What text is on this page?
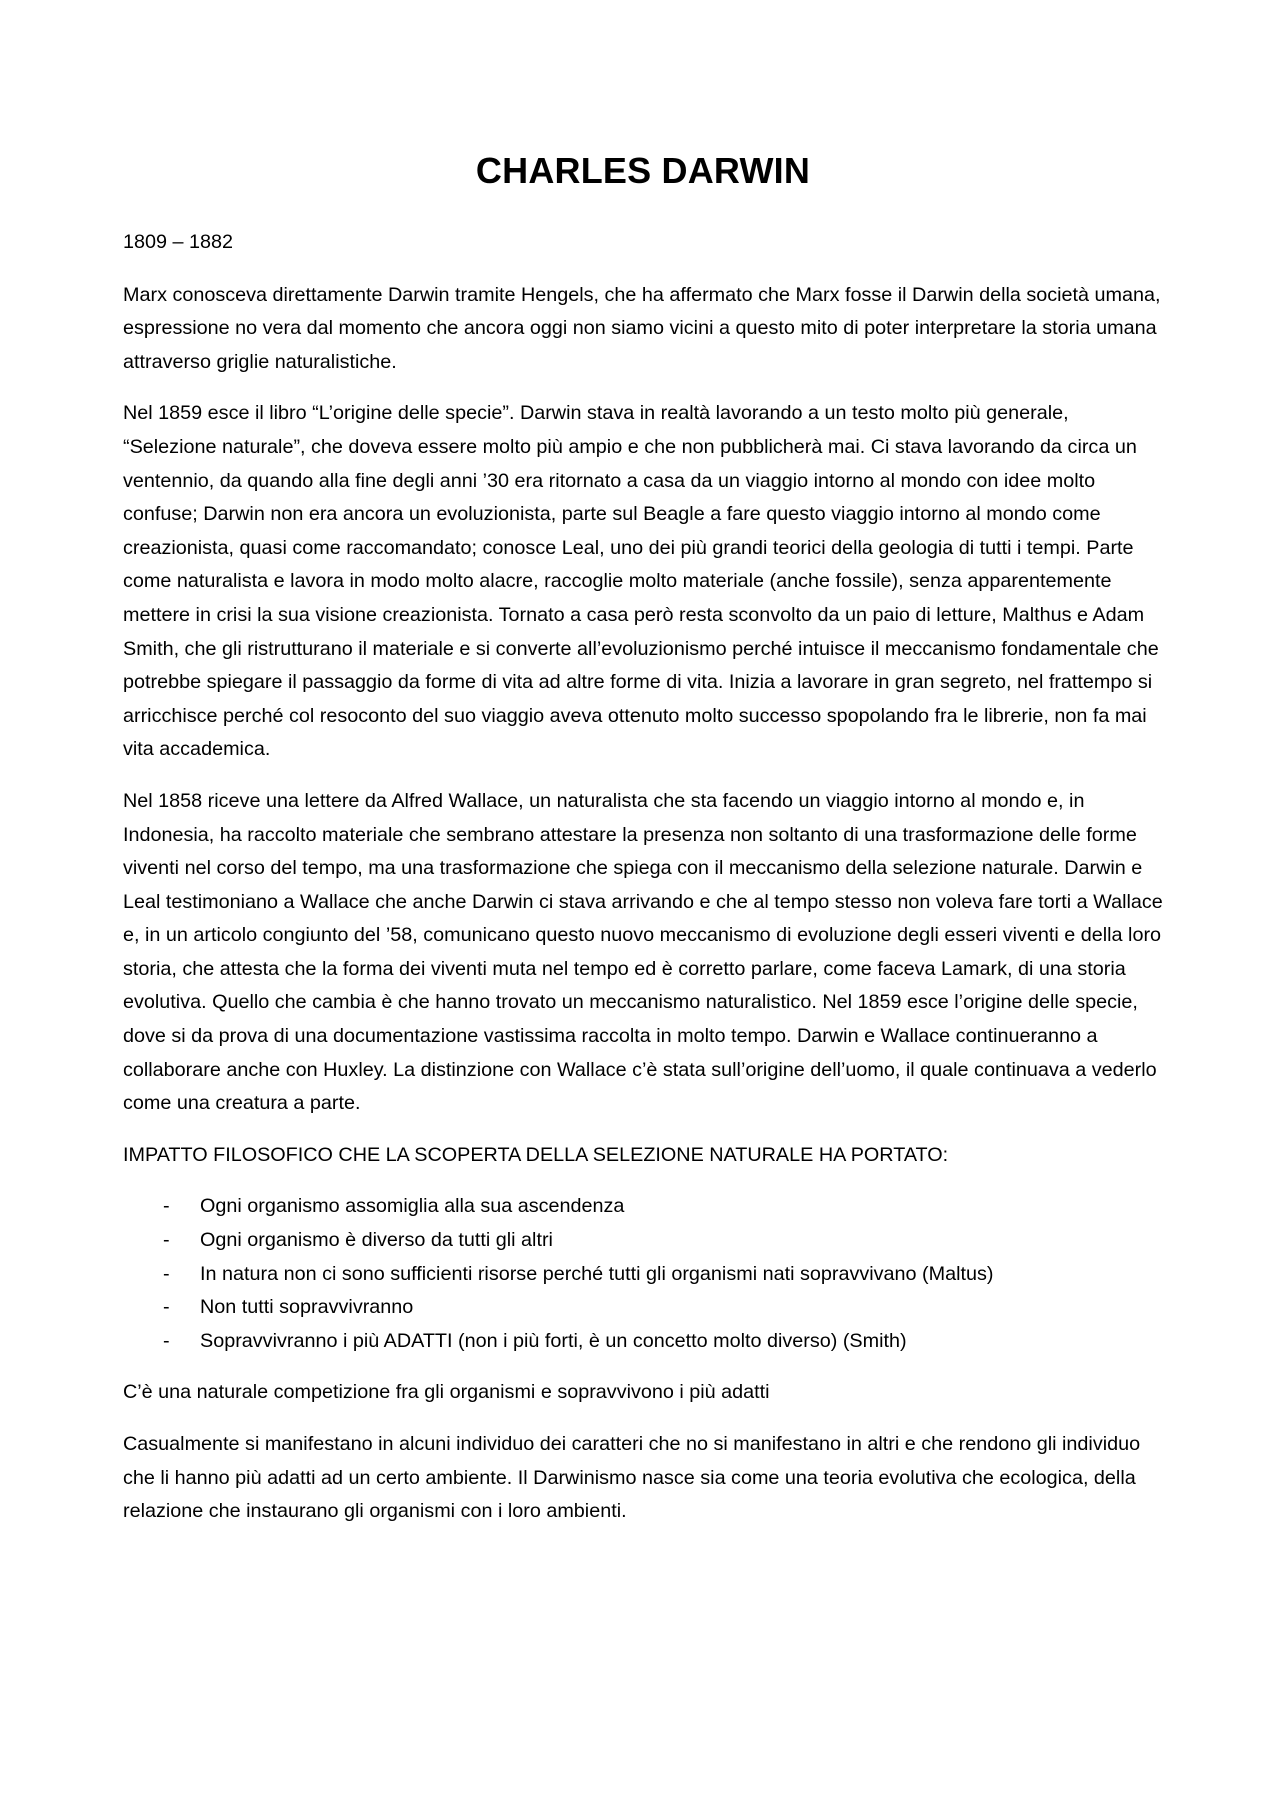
CHARLES DARWIN

1809 – 1882

Marx conosceva direttamente Darwin tramite Hengels, che ha affermato che Marx fosse il Darwin della società umana, espressione no vera dal momento che ancora oggi non siamo vicini a questo mito di poter interpretare la storia umana attraverso griglie naturalistiche.

Nel 1859 esce il libro “L’origine delle specie”. Darwin stava in realtà lavorando a un testo molto più generale, “Selezione naturale”, che doveva essere molto più ampio e che non pubblicherà mai. Ci stava lavorando da circa un ventennio, da quando alla fine degli anni ’30 era ritornato a casa da un viaggio intorno al mondo con idee molto confuse; Darwin non era ancora un evoluzionista, parte sul Beagle a fare questo viaggio intorno al mondo come creazionista, quasi come raccomandato; conosce Leal, uno dei più grandi teorici della geologia di tutti i tempi. Parte come naturalista e lavora in modo molto alacre, raccoglie molto materiale (anche fossile), senza apparentemente mettere in crisi la sua visione creazionista. Tornato a casa però resta sconvolto da un paio di letture, Malthus e Adam Smith, che gli ristrutturano il materiale e si converte all’evoluzionismo perché intuisce il meccanismo fondamentale che potrebbe spiegare il passaggio da forme di vita ad altre forme di vita. Inizia a lavorare in gran segreto, nel frattempo si arricchisce perché col resoconto del suo viaggio aveva ottenuto molto successo spopolando fra le librerie, non fa mai vita accademica.

Nel 1858 riceve una lettere da Alfred Wallace, un naturalista che sta facendo un viaggio intorno al mondo e, in Indonesia, ha raccolto materiale che sembrano attestare la presenza non soltanto di una trasformazione delle forme viventi nel corso del tempo, ma una trasformazione che spiega con il meccanismo della selezione naturale. Darwin e Leal testimoniano a Wallace che anche Darwin ci stava arrivando e che al tempo stesso non voleva fare torti a Wallace e, in un articolo congiunto del ’58, comunicano questo nuovo meccanismo di evoluzione degli esseri viventi e della loro storia, che attesta che la forma dei viventi muta nel tempo ed è corretto parlare, come faceva Lamark, di una storia evolutiva. Quello che cambia è che hanno trovato un meccanismo naturalistico. Nel 1859 esce l’origine delle specie, dove si da prova di una documentazione vastissima raccolta in molto tempo. Darwin e Wallace continueranno a collaborare anche con Huxley. La distinzione con Wallace c’è stata sull’origine dell’uomo, il quale continuava a vederlo come una creatura a parte.

IMPATTO FILOSOFICO CHE LA SCOPERTA DELLA SELEZIONE NATURALE HA PORTATO:

- Ogni organismo assomiglia alla sua ascendenza
- Ogni organismo è diverso da tutti gli altri
- In natura non ci sono sufficienti risorse perché tutti gli organismi nati sopravvivano (Maltus)
- Non tutti sopravvivranno
- Sopravvivranno i più ADATTI (non i più forti, è un concetto molto diverso) (Smith)

C’è una naturale competizione fra gli organismi e sopravvivono i più adatti

Casualmente si manifestano in alcuni individuo dei caratteri che no si manifestano in altri e che rendono gli individuo che li hanno più adatti ad un certo ambiente. Il Darwinismo nasce sia come una teoria evolutiva che ecologica, della relazione che instaurano gli organismi con i loro ambienti.
